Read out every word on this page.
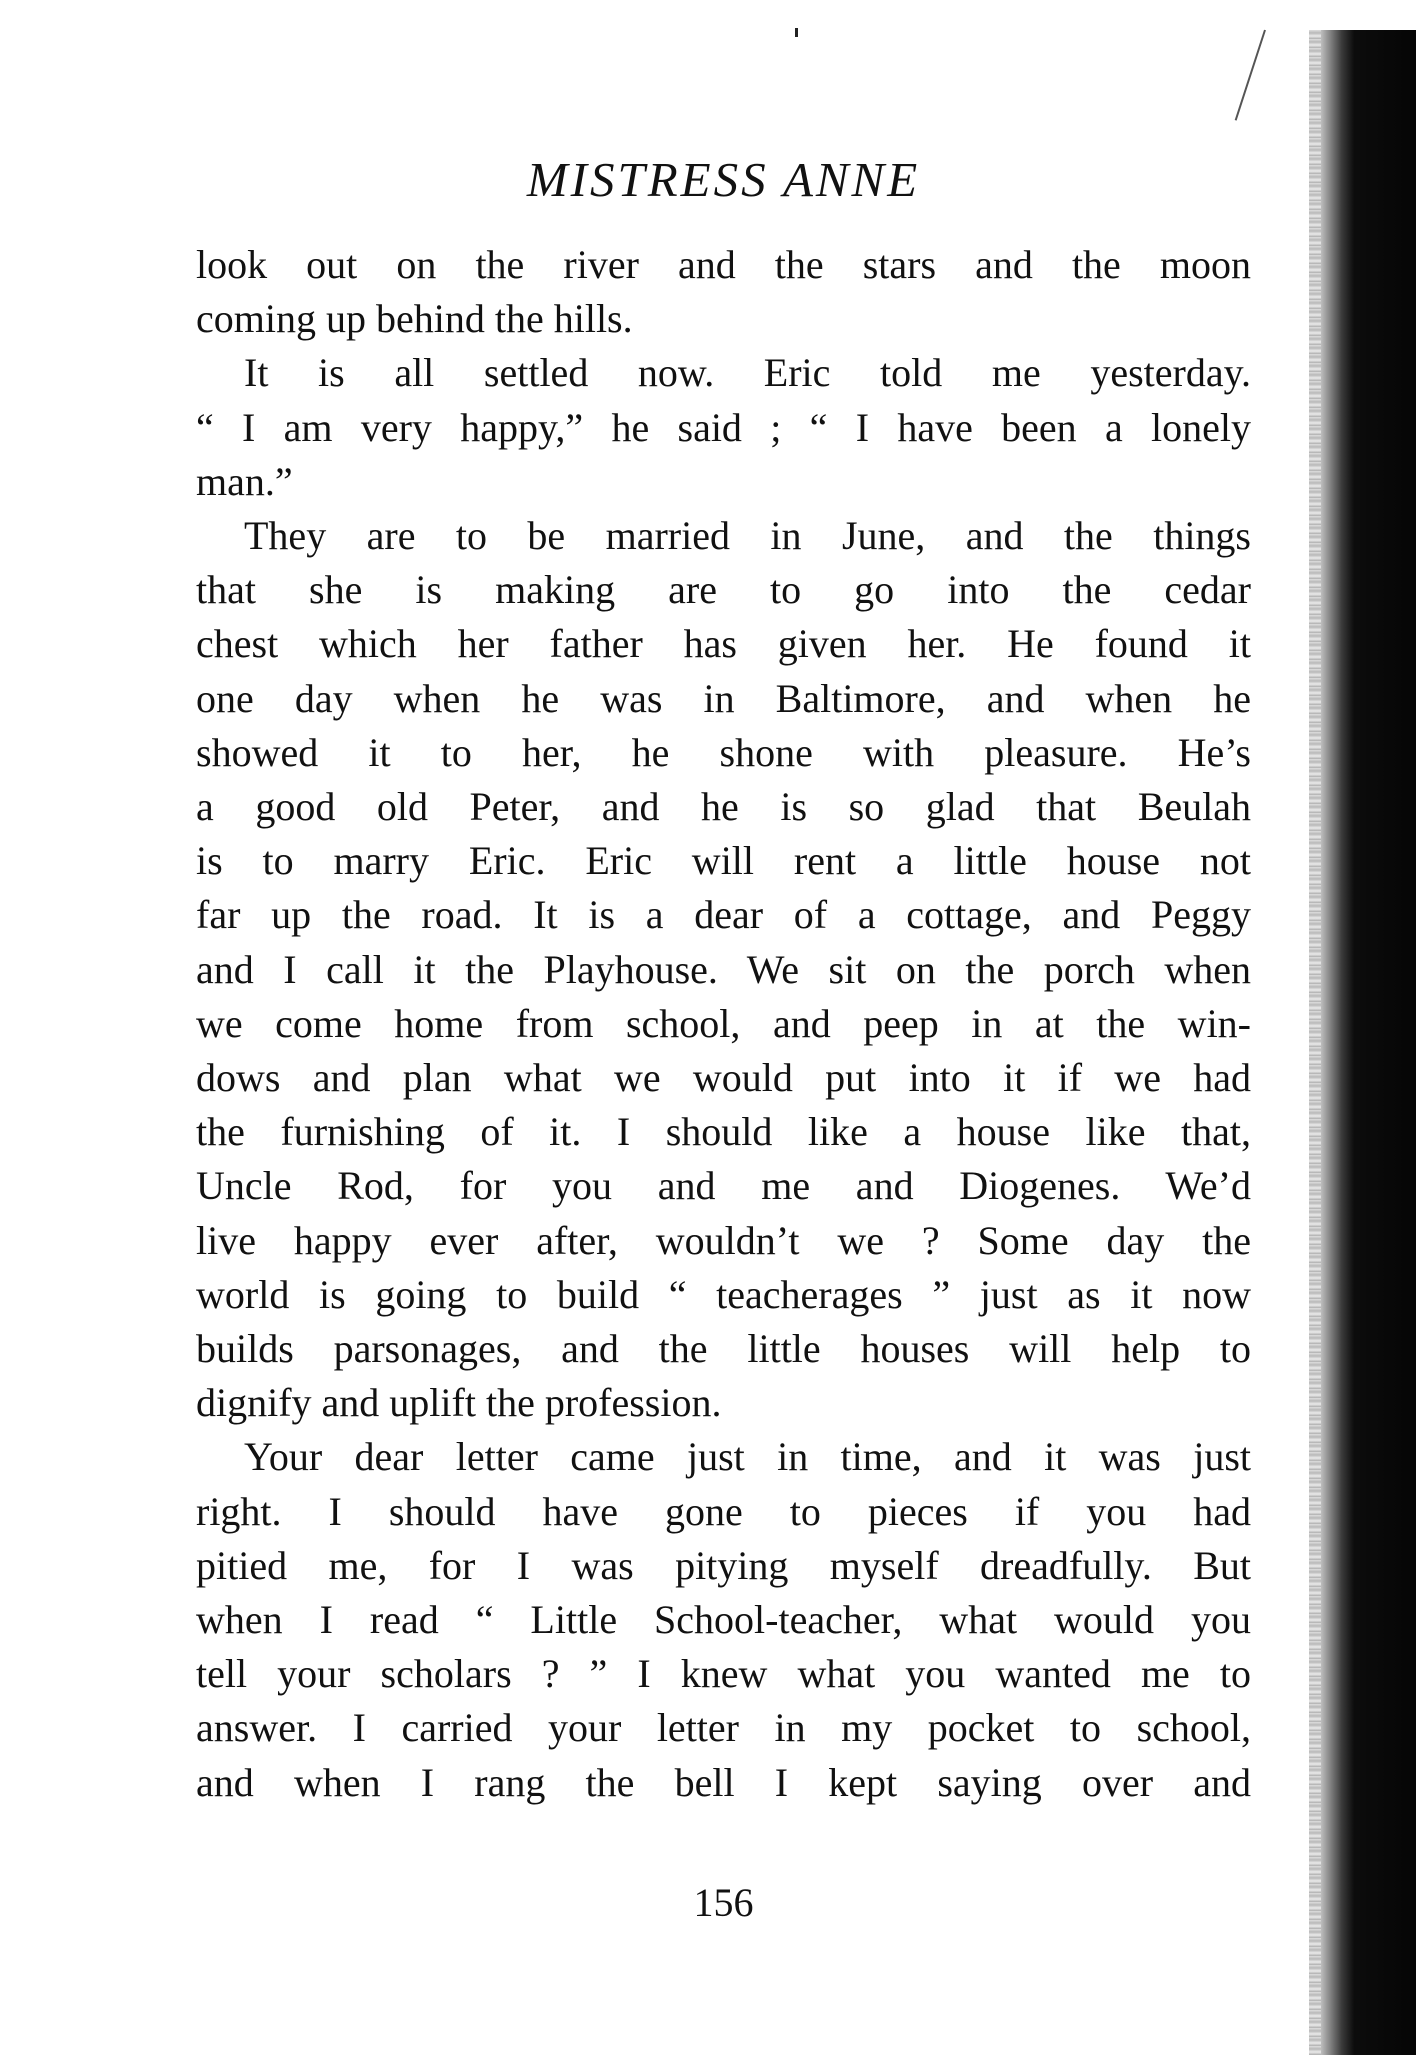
MISTRESS ANNE
look out on the river and the stars and the moon
coming up behind the hills.
It is all settled now. Eric told me yesterday.
“ I am very happy,” he said ; “ I have been a lonely
man.”
They are to be married in June, and the things
that she is making are to go into the cedar
chest which her father has given her. He found it
one day when he was in Baltimore, and when he
showed it to her, he shone with pleasure. He’s
a good old Peter, and he is so glad that Beulah
is to marry Eric. Eric will rent a little house not
far up the road. It is a dear of a cottage, and Peggy
and I call it the Playhouse. We sit on the porch when
we come home from school, and peep in at the win-
dows and plan what we would put into it if we had
the furnishing of it. I should like a house like that,
Uncle Rod, for you and me and Diogenes. We’d
live happy ever after, wouldn’t we ? Some day the
world is going to build “ teacherages ” just as it now
builds parsonages, and the little houses will help to
dignify and uplift the profession.
Your dear letter came just in time, and it was just
right. I should have gone to pieces if you had
pitied me, for I was pitying myself dreadfully. But
when I read “ Little School-teacher, what would you
tell your scholars ? ” I knew what you wanted me to
answer. I carried your letter in my pocket to school,
and when I rang the bell I kept saying over and
156
